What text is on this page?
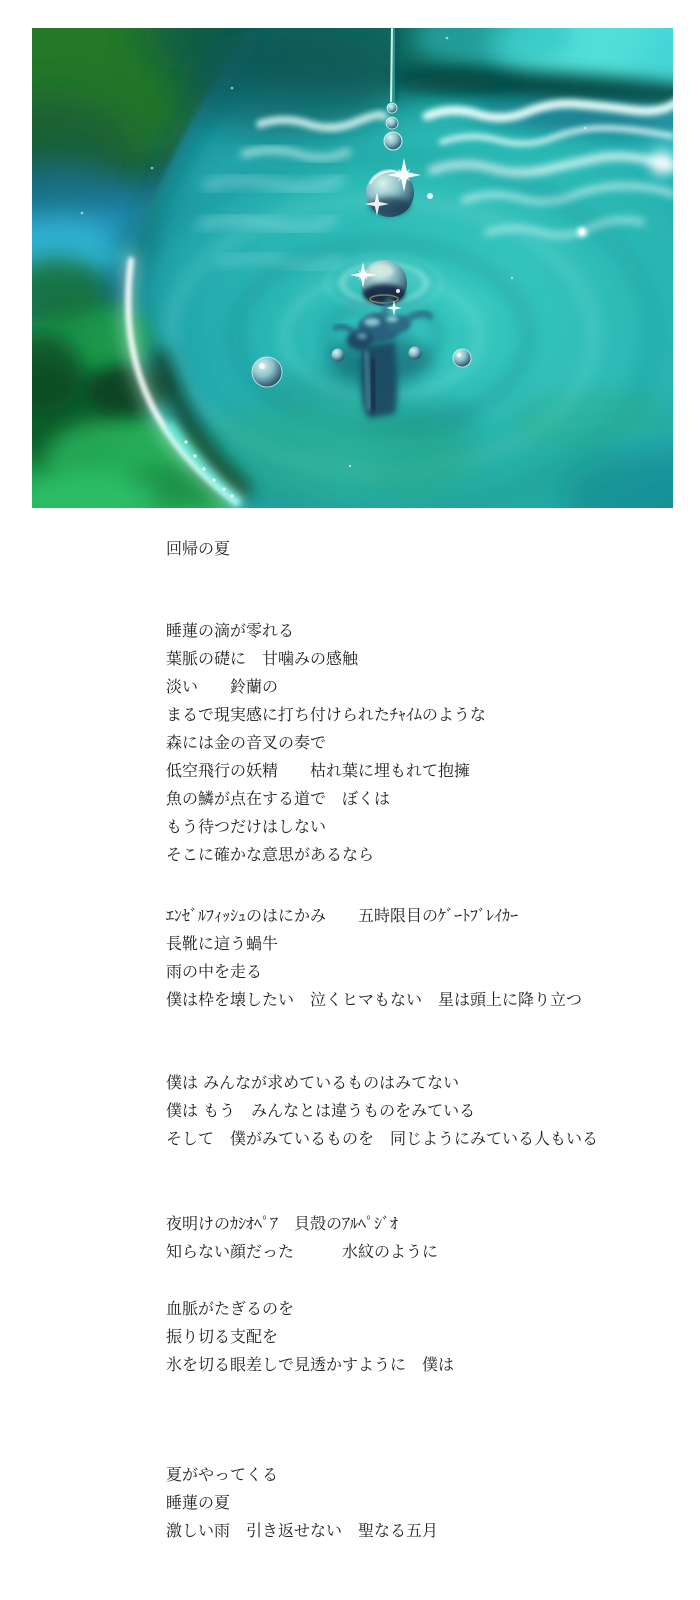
回帰の夏

睡蓮の滴が零れる

葉脈の礎に　甘噛みの感触

淡い　　鈴蘭の

まるで現実感に打ち付けられたﾁｬｲﾑのような

森には金の音叉の奏で

低空飛行の妖精　　枯れ葉に埋もれて抱擁

魚の鱗が点在する道で　ぼくは

もう待つだけはしない

そこに確かな意思があるなら

ｴﾝｾﾞﾙﾌｨｯｼｭのはにかみ　　五時限目のｹﾞｰﾄﾌﾞﾚｲｶｰ

長靴に這う蝸牛

雨の中を走る

僕は枠を壊したい　泣くヒマもない　星は頭上に降り立つ

僕は みんなが求めているものはみてない

僕は もう　みんなとは違うものをみている

そして　僕がみているものを　同じようにみている人もいる

夜明けのｶｼｵﾍﾟｱ　貝殻のｱﾙﾍﾟｼﾞｵ

知らない顔だった　　　水紋のように

血脈がたぎるのを

振り切る支配を

氷を切る眼差しで見透かすように　僕は

夏がやってくる

睡蓮の夏

激しい雨　引き返せない　聖なる五月
